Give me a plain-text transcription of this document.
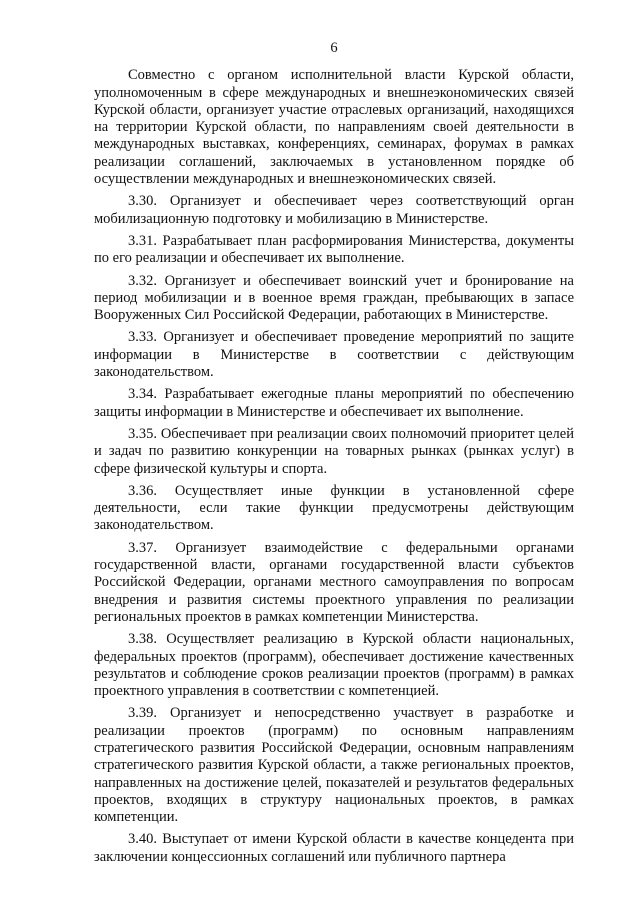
6

Совместно с органом исполнительной власти Курской области, уполномоченным в сфере международных и внешнеэкономических связей Курской области, организует участие отраслевых организаций, находящихся на территории Курской области, по направлениям своей деятельности в международных выставках, конференциях, семинарах, форумах в рамках реализации соглашений, заключаемых в установленном порядке об осуществлении международных и внешнеэкономических связей.

3.30. Организует и обеспечивает через соответствующий орган мобилизационную подготовку и мобилизацию в Министерстве.

3.31. Разрабатывает план расформирования Министерства, документы по его реализации и обеспечивает их выполнение.

3.32. Организует и обеспечивает воинский учет и бронирование на период мобилизации и в военное время граждан, пребывающих в запасе Вооруженных Сил Российской Федерации, работающих в Министерстве.

3.33. Организует и обеспечивает проведение мероприятий по защите информации в Министерстве в соответствии с действующим законодательством.

3.34. Разрабатывает ежегодные планы мероприятий по обеспечению защиты информации в Министерстве и обеспечивает их выполнение.

3.35. Обеспечивает при реализации своих полномочий приоритет целей и задач по развитию конкуренции на товарных рынках (рынках услуг) в сфере физической культуры и спорта.

3.36. Осуществляет иные функции в установленной сфере деятельности, если такие функции предусмотрены действующим законодательством.

3.37. Организует взаимодействие с федеральными органами государственной власти, органами государственной власти субъектов Российской Федерации, органами местного самоуправления по вопросам внедрения и развития системы проектного управления по реализации региональных проектов в рамках компетенции Министерства.

3.38. Осуществляет реализацию в Курской области национальных, федеральных проектов (программ), обеспечивает достижение качественных результатов и соблюдение сроков реализации проектов (программ) в рамках проектного управления в соответствии с компетенцией.

3.39. Организует и непосредственно участвует в разработке и реализации проектов (программ) по основным направлениям стратегического развития Российской Федерации, основным направлениям стратегического развития Курской области, а также региональных проектов, направленных на достижение целей, показателей и результатов федеральных проектов, входящих в структуру национальных проектов, в рамках компетенции.

3.40. Выступает от имени Курской области в качестве концедента при заключении концессионных соглашений или публичного партнера
